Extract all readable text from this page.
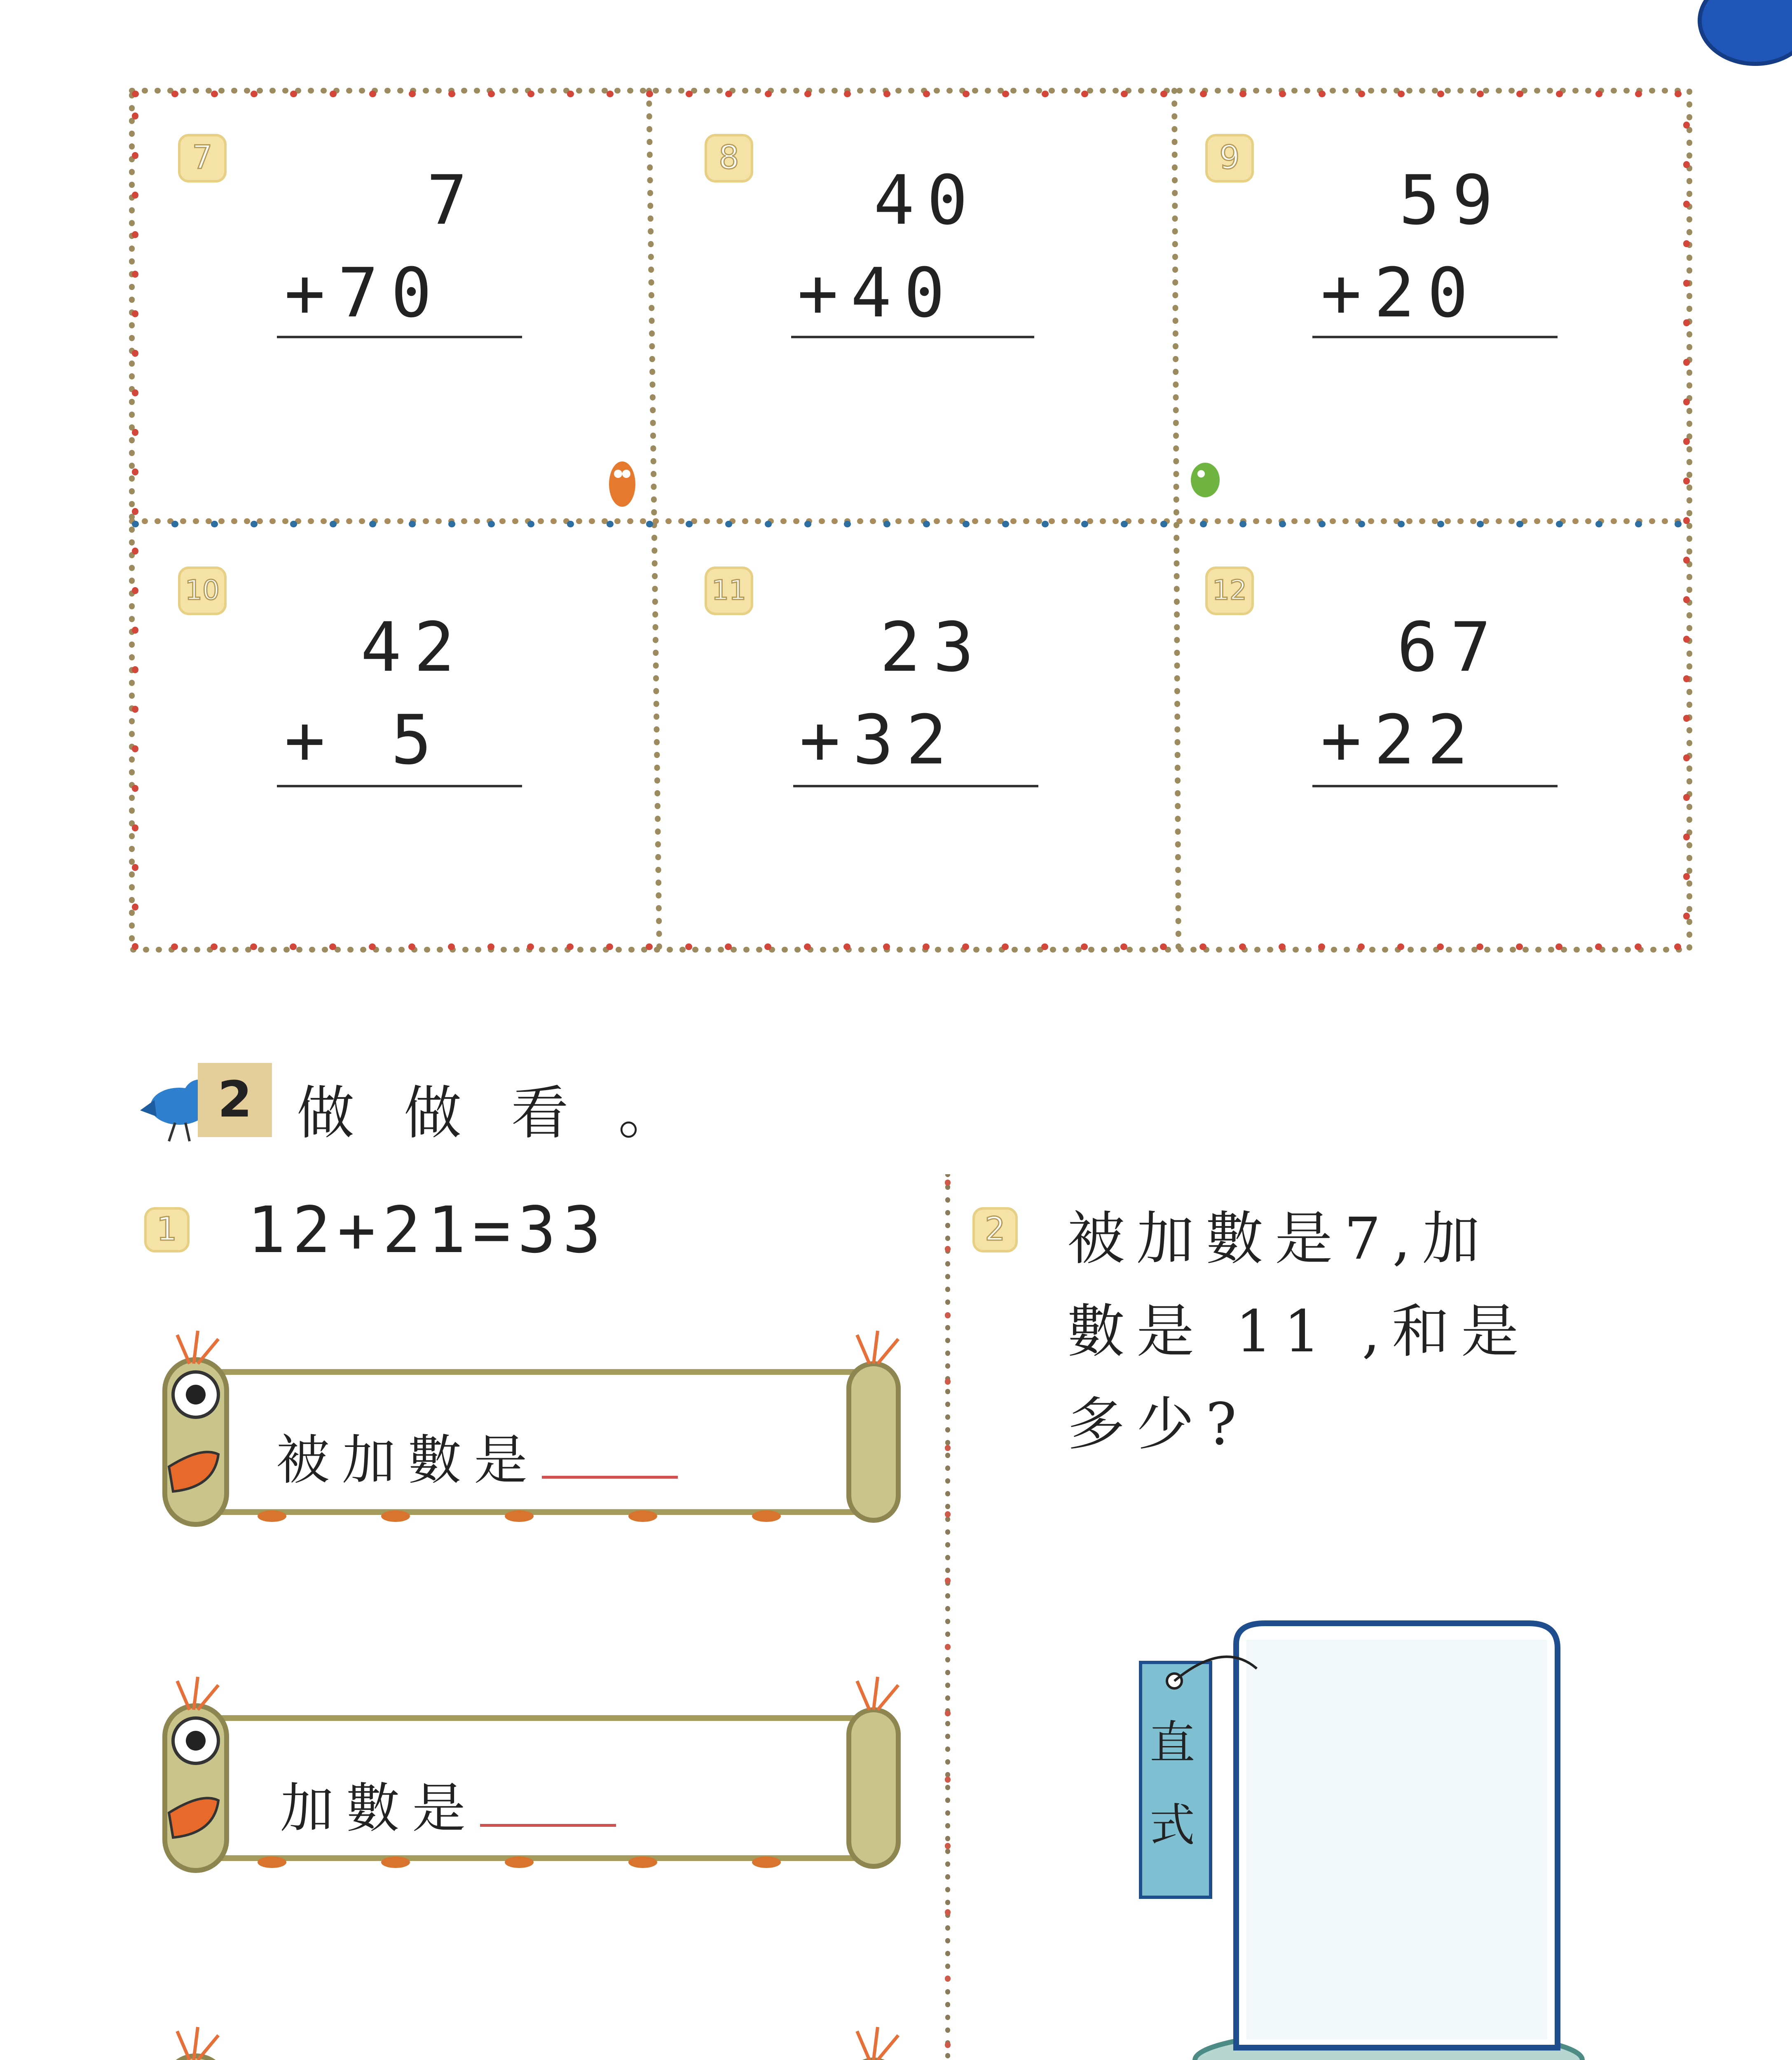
7
7
+70
8
40
+40
9
59
+20
10
42
+ 5
11
23
+32
12
67
+22
2 做做看。
1 12+21=33
被加數是
加數是
2 被加數是7,加
數是 11 ,和是
多少?
直式
